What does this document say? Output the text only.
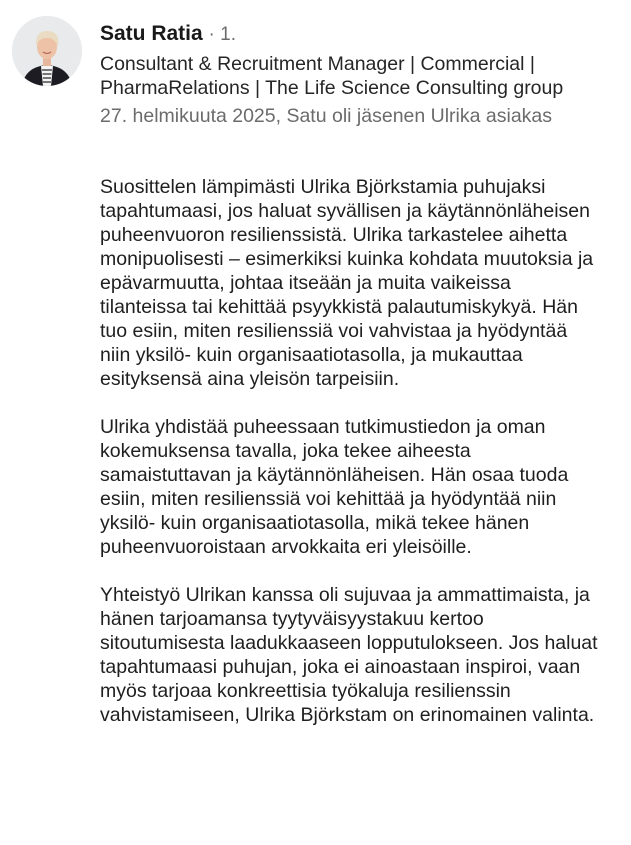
Satu Ratia · 1.
Consultant & Recruitment Manager | Commercial | PharmaRelations | The Life Science Consulting group
27. helmikuuta 2025, Satu oli jäsenen Ulrika asiakas

Suosittelen lämpimästi Ulrika Björkstamia puhujaksi tapahtumaasi, jos haluat syvällisen ja käytännönläheisen puheenvuoron resilienssistä. Ulrika tarkastelee aihetta monipuolisesti – esimerkiksi kuinka kohdata muutoksia ja epävarmuutta, johtaa itseään ja muita vaikeissa tilanteissa tai kehittää psyykkistä palautumiskykyä. Hän tuo esiin, miten resilienssiä voi vahvistaa ja hyödyntää niin yksilö- kuin organisaatiotasolla, ja mukauttaa esityksensä aina yleisön tarpeisiin.

Ulrika yhdistää puheessaan tutkimustiedon ja oman kokemuksensa tavalla, joka tekee aiheesta samaistuttavan ja käytännönläheisen. Hän osaa tuoda esiin, miten resilienssiä voi kehittää ja hyödyntää niin yksilö- kuin organisaatiotasolla, mikä tekee hänen puheenvuoroistaan arvokkaita eri yleisöille.

Yhteistyö Ulrikan kanssa oli sujuvaa ja ammattimaista, ja hänen tarjoamansa tyytyväisyystakuu kertoo sitoutumisesta laadukkaaseen lopputulokseen. Jos haluat tapahtumaasi puhujan, joka ei ainoastaan inspiroi, vaan myös tarjoaa konkreettisia työkaluja resilienssin vahvistamiseen, Ulrika Björkstam on erinomainen valinta.
